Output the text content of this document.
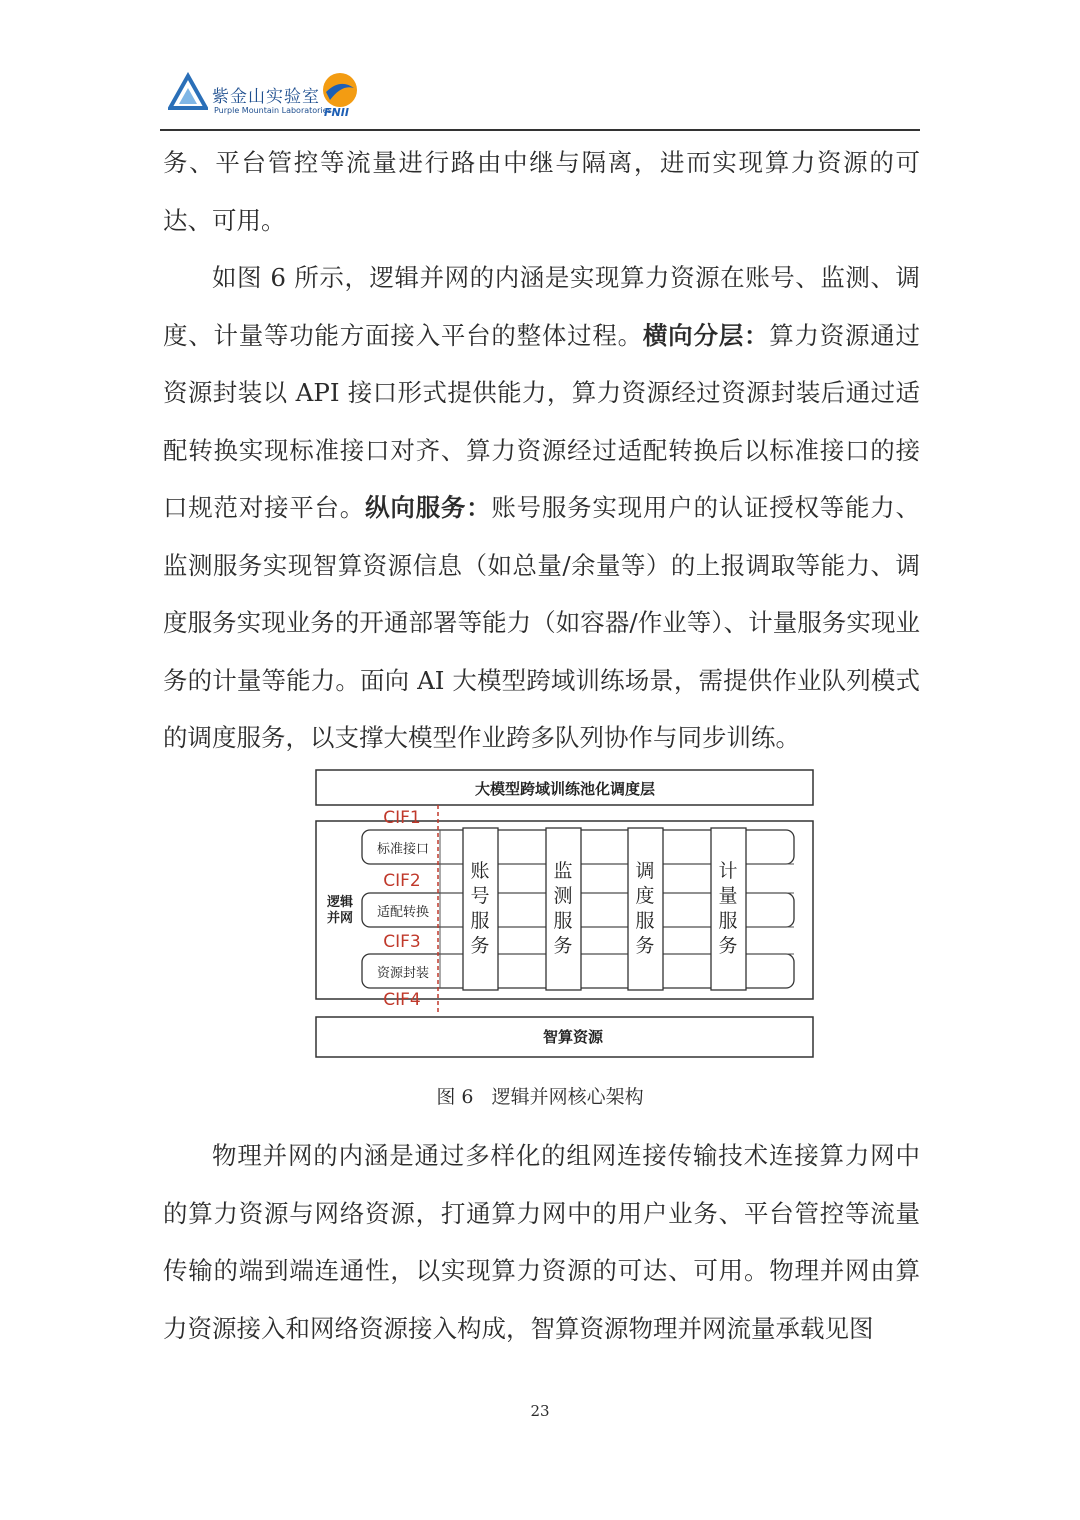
紫金山实验室
Purple Mountain Laboratories
FNII

务、平台管控等流量进行路由中继与隔离，进而实现算力资源的可达、可用。

如图 6 所示，逻辑并网的内涵是实现算力资源在账号、监测、调度、计量等功能方面接入平台的整体过程。横向分层：算力资源通过资源封装以 API 接口形式提供能力，算力资源经过资源封装后通过适配转换实现标准接口对齐、算力资源经过适配转换后以标准接口的接口规范对接平台。纵向服务：账号服务实现用户的认证授权等能力、监测服务实现智算资源信息（如总量/余量等）的上报调取等能力、调度服务实现业务的开通部署等能力（如容器/作业等）、计量服务实现业务的计量等能力。面向 AI 大模型跨域训练场景，需提供作业队列模式的调度服务，以支撑大模型作业跨多队列协作与同步训练。

大模型跨域训练池化调度层
逻辑
并网
标准接口
适配转换
资源封装
账
号
服
务
监
测
服
务
调
度
服
务
计
量
服
务
CIF1
CIF2
CIF3
CIF4
智算资源
图 6 逻辑并网核心架构

物理并网的内涵是通过多样化的组网连接传输技术连接算力网中的算力资源与网络资源，打通算力网中的用户业务、平台管控等流量传输的端到端连通性，以实现算力资源的可达、可用。物理并网由算力资源接入和网络资源接入构成，智算资源物理并网流量承载见图

23
